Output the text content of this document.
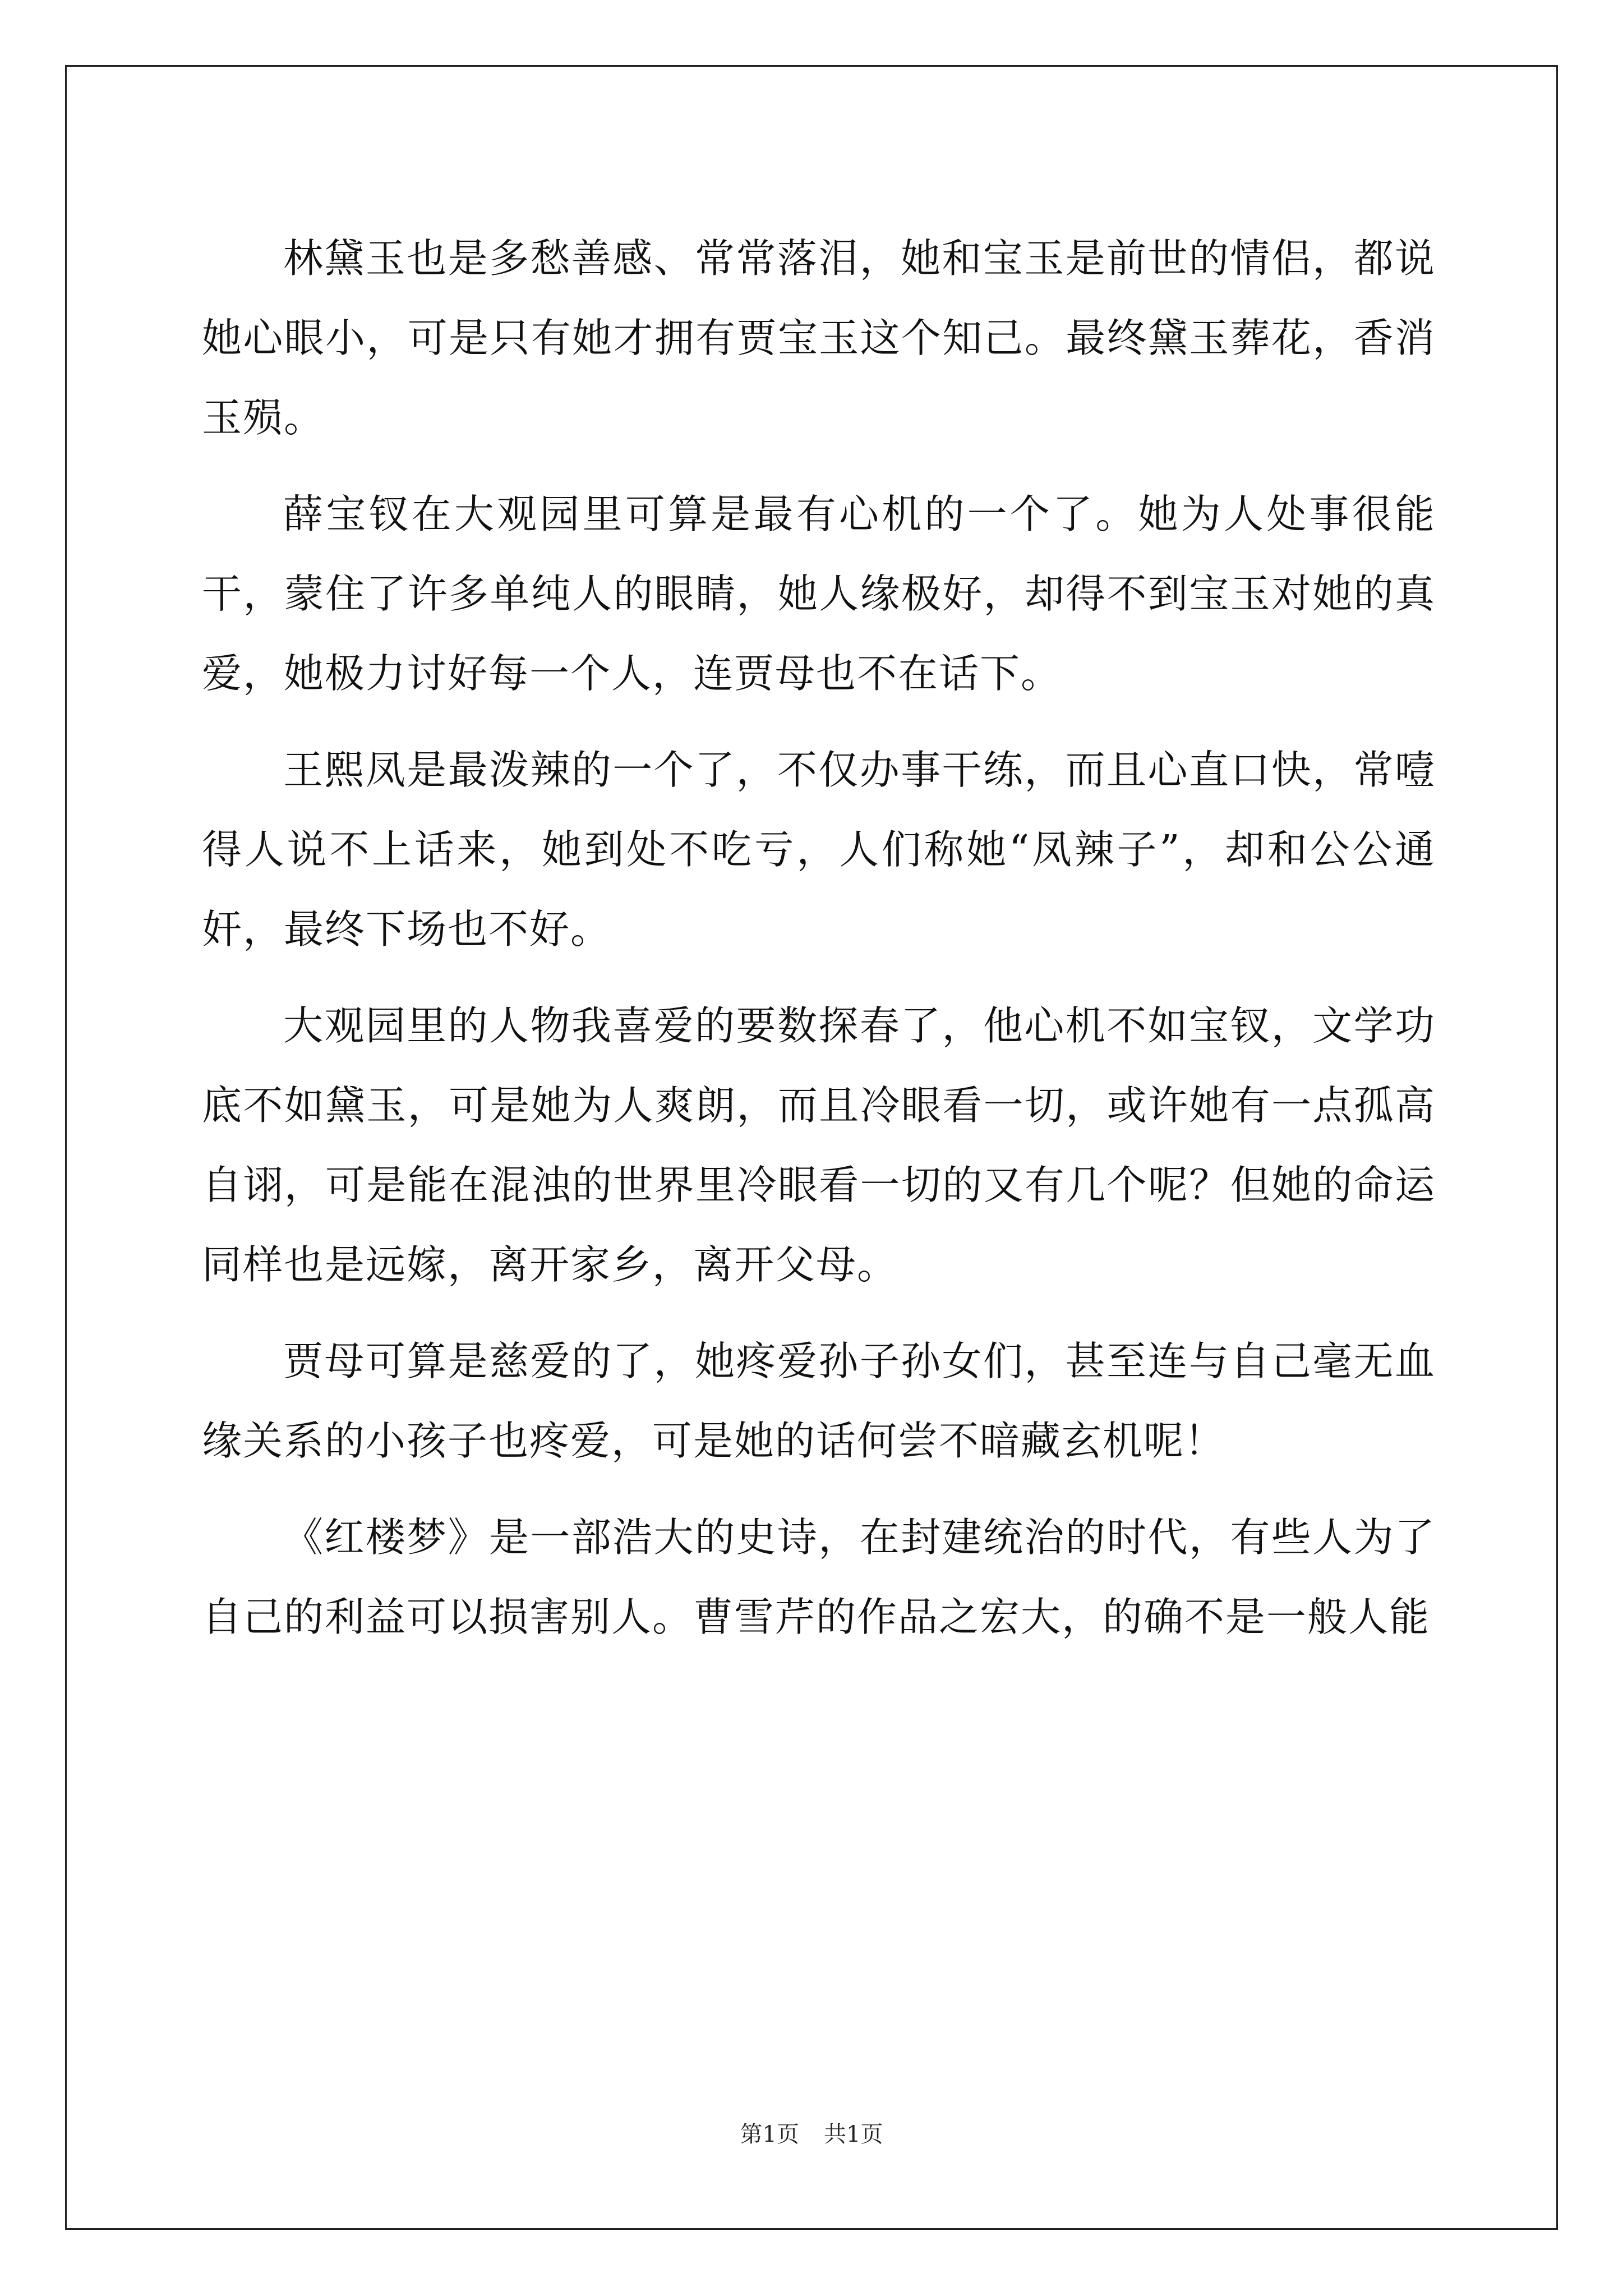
林黛玉也是多愁善感、常常落泪，她和宝玉是前世的情侣，都说她心眼小，可是只有她才拥有贾宝玉这个知己。最终黛玉葬花，香消玉殒。

薛宝钗在大观园里可算是最有心机的一个了。她为人处事很能干，蒙住了许多单纯人的眼睛，她人缘极好，却得不到宝玉对她的真爱，她极力讨好每一个人，连贾母也不在话下。

王熙凤是最泼辣的一个了，不仅办事干练，而且心直口快，常噎得人说不上话来，她到处不吃亏，人们称她“凤辣子”，却和公公通奸，最终下场也不好。

大观园里的人物我喜爱的要数探春了，他心机不如宝钗，文学功底不如黛玉，可是她为人爽朗，而且冷眼看一切，或许她有一点孤高自诩，可是能在混浊的世界里冷眼看一切的又有几个呢？但她的命运同样也是远嫁，离开家乡，离开父母。

贾母可算是慈爱的了，她疼爱孙子孙女们，甚至连与自己毫无血缘关系的小孩子也疼爱，可是她的话何尝不暗藏玄机呢！

《红楼梦》是一部浩大的史诗，在封建统治的时代，有些人为了自己的利益可以损害别人。曹雪芹的作品之宏大，的确不是一般人能

第1页 共1页
